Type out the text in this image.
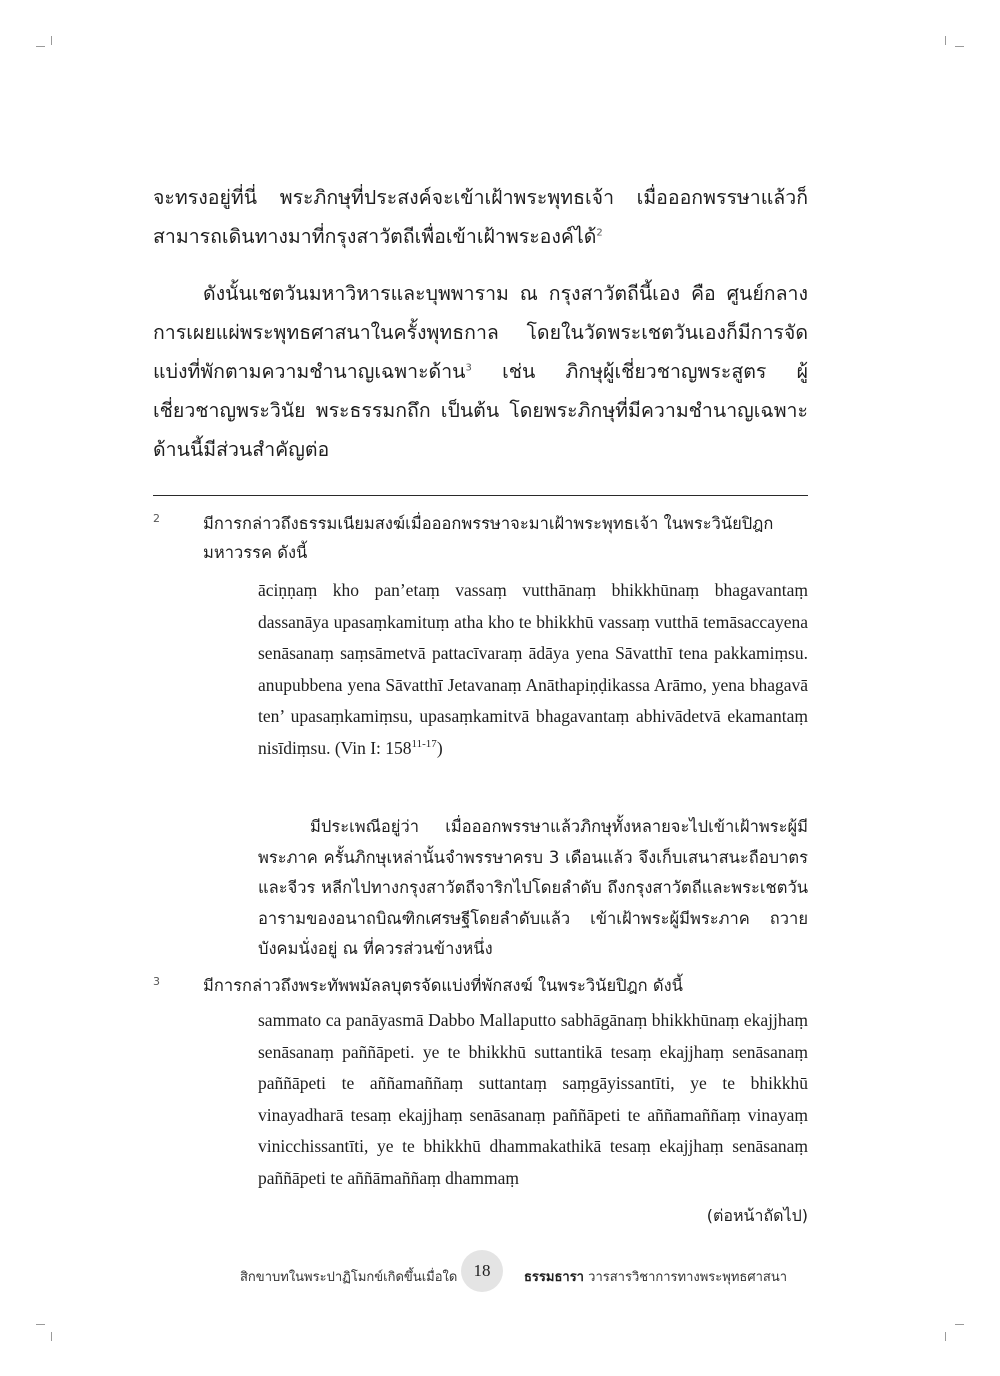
จะทรงอยู่ที่นี่ พระภิกษุที่ประสงค์จะเข้าเฝ้าพระพุทธเจ้า เมื่อออกพรรษาแล้วก็สามารถเดินทางมาที่กรุงสาวัตถีเพื่อเข้าเฝ้าพระองค์ได้$^2$

ดังนั้นเชตวันมหาวิหารและบุพพาราม ณ กรุงสาวัตถีนี้เอง คือ ศูนย์กลางการเผยแผ่พระพุทธศาสนาในครั้งพุทธกาล โดยในวัดพระเชตวันเองก็มีการจัดแบ่งที่พักตามความชำนาญเฉพาะด้าน$^3$ เช่น ภิกษุผู้เชี่ยวชาญพระสูตร ผู้เชี่ยวชาญพระวินัย พระธรรมกถึก เป็นต้น โดยพระภิกษุที่มีความชำนาญเฉพาะด้านนี้มีส่วนสำคัญต่อ

2	มีการกล่าวถึงธรรมเนียมสงฆ์เมื่อออกพรรษาจะมาเฝ้าพระพุทธเจ้า ในพระวินัยปิฎก มหาวรรค ดังนี้

āciṇṇaṃ kho pan’etaṃ vassaṃ vutthānaṃ bhikkhūnaṃ bhagavantaṃ dassanāya upasaṃkamituṃ atha kho te bhikkhū vassaṃ vutthā temāsaccayena senāsanaṃ saṃsāmetvā pattacīvaraṃ ādāya yena Sāvatthī tena pakkamiṃsu. anupubbena yena Sāvatthī Jetavanaṃ Anāthapiṇḍikassa Arāmo, yena bhagavā ten’ upasaṃkamiṃsu, upasaṃkamitvā bhagavantaṃ abhivādetvā ekamantaṃ nisīdiṃsu. (Vin I: 158$^{11-17}$)

มีประเพณีอยู่ว่า เมื่อออกพรรษาแล้วภิกษุทั้งหลายจะไปเข้าเฝ้าพระผู้มีพระภาค ครั้นภิกษุเหล่านั้นจำพรรษาครบ 3 เดือนแล้ว จึงเก็บเสนาสนะถือบาตรและจีวร หลีกไปทางกรุงสาวัตถีจาริกไปโดยลำดับ ถึงกรุงสาวัตถีและพระเชตวันอารามของอนาถบิณฑิกเศรษฐีโดยลำดับแล้ว เข้าเฝ้าพระผู้มีพระภาค ถวายบังคมนั่งอยู่ ณ ที่ควรส่วนข้างหนึ่ง

3	มีการกล่าวถึงพระทัพพมัลลบุตรจัดแบ่งที่พักสงฆ์ ในพระวินัยปิฎก ดังนี้

sammato ca panāyasmā Dabbo Mallaputto sabhāgānaṃ bhikkhūnaṃ ekajjhaṃ senāsanaṃ paññāpeti. ye te bhikkhū suttantikā tesaṃ ekajjhaṃ senāsanaṃ paññāpeti te aññamaññaṃ suttantaṃ saṃgāyissantīti, ye te bhikkhū vinayadharā tesaṃ ekajjhaṃ senāsanaṃ paññāpeti te aññamaññaṃ vinayaṃ vinicchissantīti, ye te bhikkhū dhammakathikā tesaṃ ekajjhaṃ senāsanaṃ paññāpeti te aññāmaññaṃ dhammaṃ

(ต่อหน้าถัดไป)
สิกขาบทในพระปาฏิโมกข์เกิดขึ้นเมื่อใด 18	ธรรมธารา วารสารวิชาการทางพระพุทธศาสนา
